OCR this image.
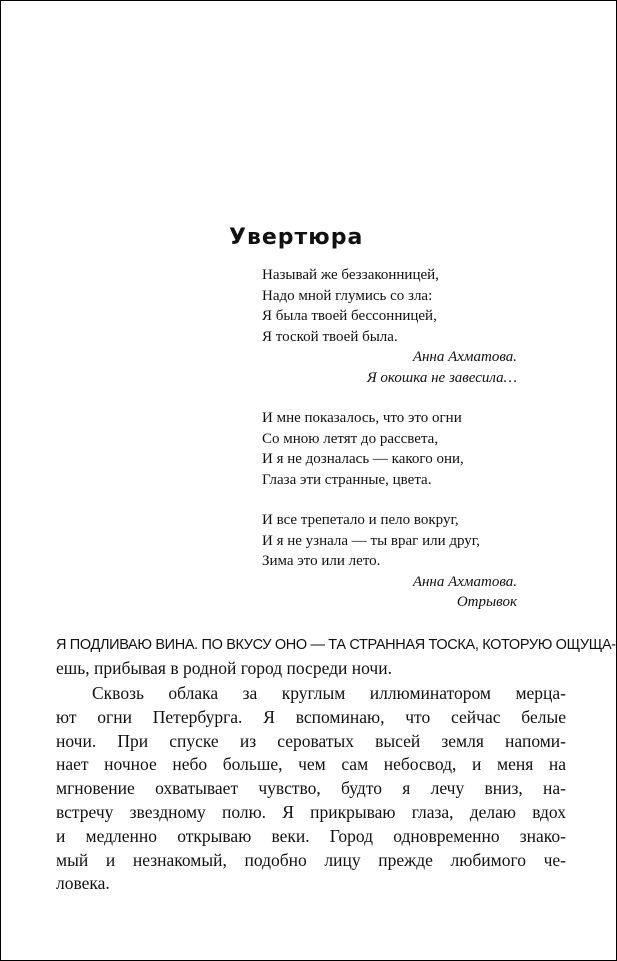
Увертюра
Называй же беззаконницей,
Надо мной глумись со зла:
Я была твоей бессонницей,
Я тоской твоей была.
Анна Ахматова.
Я окошка не завесила…
И мне показалось, что это огни
Со мною летят до рассвета,
И я не дозналась — какого они,
Глаза эти странные, цвета.
И все трепетало и пело вокруг,
И я не узнала — ты враг или друг,
Зима это или лето.
Анна Ахматова.
Отрывок
Я ПОДЛИВАЮ ВИНА. ПО ВКУСУ ОНО — ТА СТРАННАЯ ТОСКА, КОТОРУЮ ОЩУЩА-
ешь, прибывая в родной город посреди ночи.
Сквозь облака за круглым иллюминатором мерца-
ют огни Петербурга. Я вспоминаю, что сейчас белые
ночи. При спуске из сероватых высей земля напоми-
нает ночное небо больше, чем сам небосвод, и меня на
мгновение охватывает чувство, будто я лечу вниз, на-
встречу звездному полю. Я прикрываю глаза, делаю вдох
и медленно открываю веки. Город одновременно знако-
мый и незнакомый, подобно лицу прежде любимого че-
ловека.
